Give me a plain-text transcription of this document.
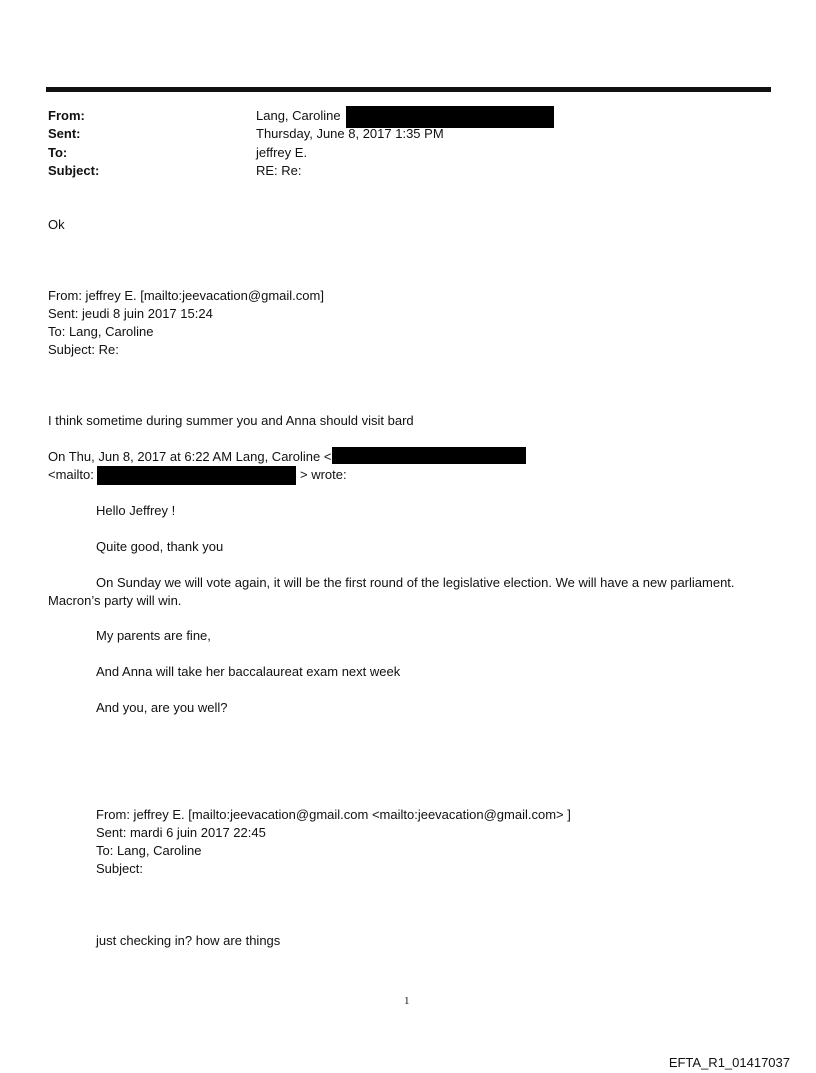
From:	Lang, Caroline
Sent:	Thursday, June 8, 2017 1:35 PM
To:	jeffrey E.
Subject:	RE: Re:
Ok
From: jeffrey E. [mailto:jeevacation@gmail.com]
Sent: jeudi 8 juin 2017 15:24
To: Lang, Caroline
Subject: Re:
I think sometime during summer you and Anna should visit bard
On Thu, Jun 8, 2017 at 6:22 AM Lang, Caroline <
<mailto:	> wrote:
Hello Jeffrey !
Quite good, thank you
On Sunday we will vote again, it will be the first round of the legislative election. We will have a new parliament.
Macron’s party will win.
My parents are fine,
And Anna will take her baccalaureat exam next week
And you, are you well?
From: jeffrey E. [mailto:jeevacation@gmail.com <mailto:jeevacation@gmail.com> ]
Sent: mardi 6 juin 2017 22:45
To: Lang, Caroline
Subject:
just checking in? how are things
1
EFTA_R1_01417037
